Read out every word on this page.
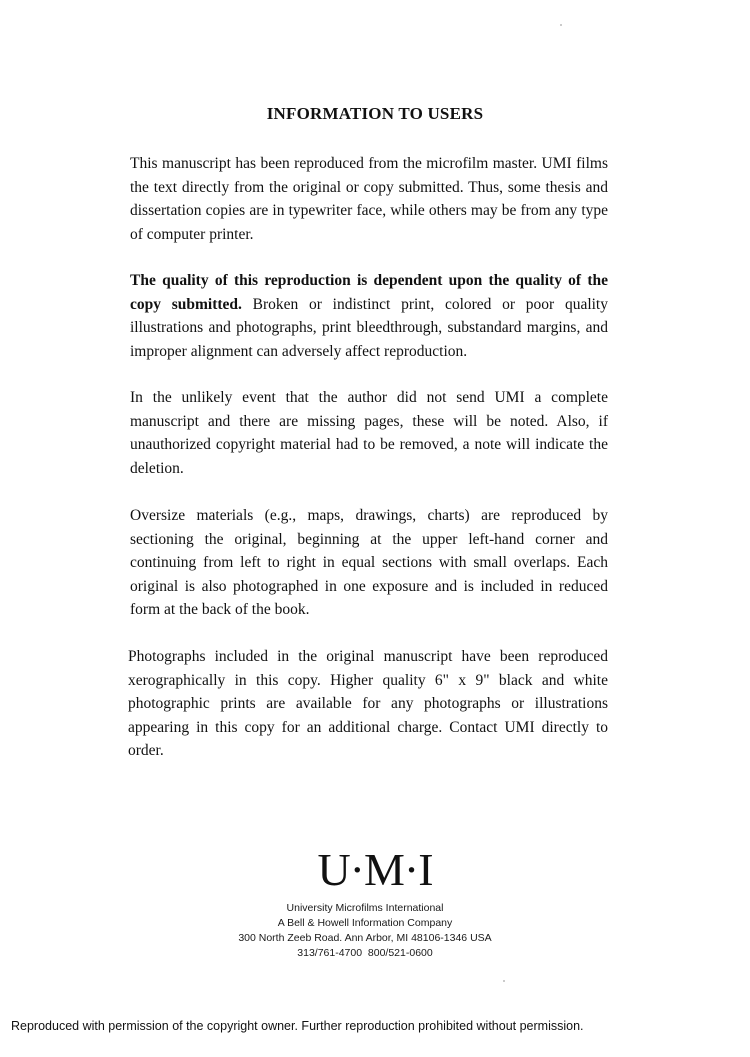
INFORMATION TO USERS

This manuscript has been reproduced from the microfilm master. UMI films the text directly from the original or copy submitted. Thus, some thesis and dissertation copies are in typewriter face, while others may be from any type of computer printer.

The quality of this reproduction is dependent upon the quality of the copy submitted. Broken or indistinct print, colored or poor quality illustrations and photographs, print bleedthrough, substandard margins, and improper alignment can adversely affect reproduction.

In the unlikely event that the author did not send UMI a complete manuscript and there are missing pages, these will be noted. Also, if unauthorized copyright material had to be removed, a note will indicate the deletion.

Oversize materials (e.g., maps, drawings, charts) are reproduced by sectioning the original, beginning at the upper left-hand corner and continuing from left to right in equal sections with small overlaps. Each original is also photographed in one exposure and is included in reduced form at the back of the book.

Photographs included in the original manuscript have been reproduced xerographically in this copy. Higher quality 6" x 9" black and white photographic prints are available for any photographs or illustrations appearing in this copy for an additional charge. Contact UMI directly to order.

U·M·I
University Microfilms International
A Bell & Howell Information Company
300 North Zeeb Road. Ann Arbor, MI 48106-1346 USA
313/761-4700  800/521-0600
Reproduced with permission of the copyright owner. Further reproduction prohibited without permission.
